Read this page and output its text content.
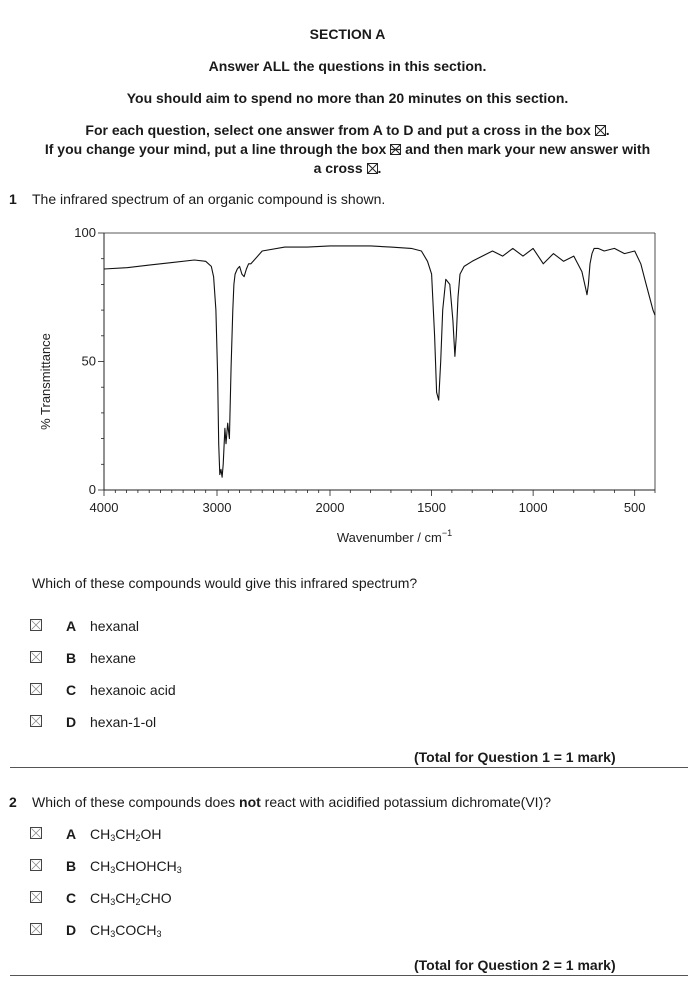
SECTION A
Answer ALL the questions in this section.
You should aim to spend no more than 20 minutes on this section.
For each question, select one answer from A to D and put a cross in the box ☒.
If you change your mind, put a line through the box and then mark your new answer with
a cross ☒.
1 The infrared spectrum of an organic compound is shown.
100
50
0
4000	3000	2000	1500	1000	500
Wavenumber / $cm^{-1}$
% Transmittance
Which of these compounds would give this infrared spectrum?
A hexanal
B hexane
C hexanoic acid
D hexan-1-ol
(Total for Question 1 = 1 mark)
2 Which of these compounds does not react with acidified potassium dichromate(VI)?
A $CH_3CH_2OH$
B $CH_3CHOHCH_3$
C $CH_3CH_2CHO$
D $CH_3COCH_3$
(Total for Question 2 = 1 mark)
